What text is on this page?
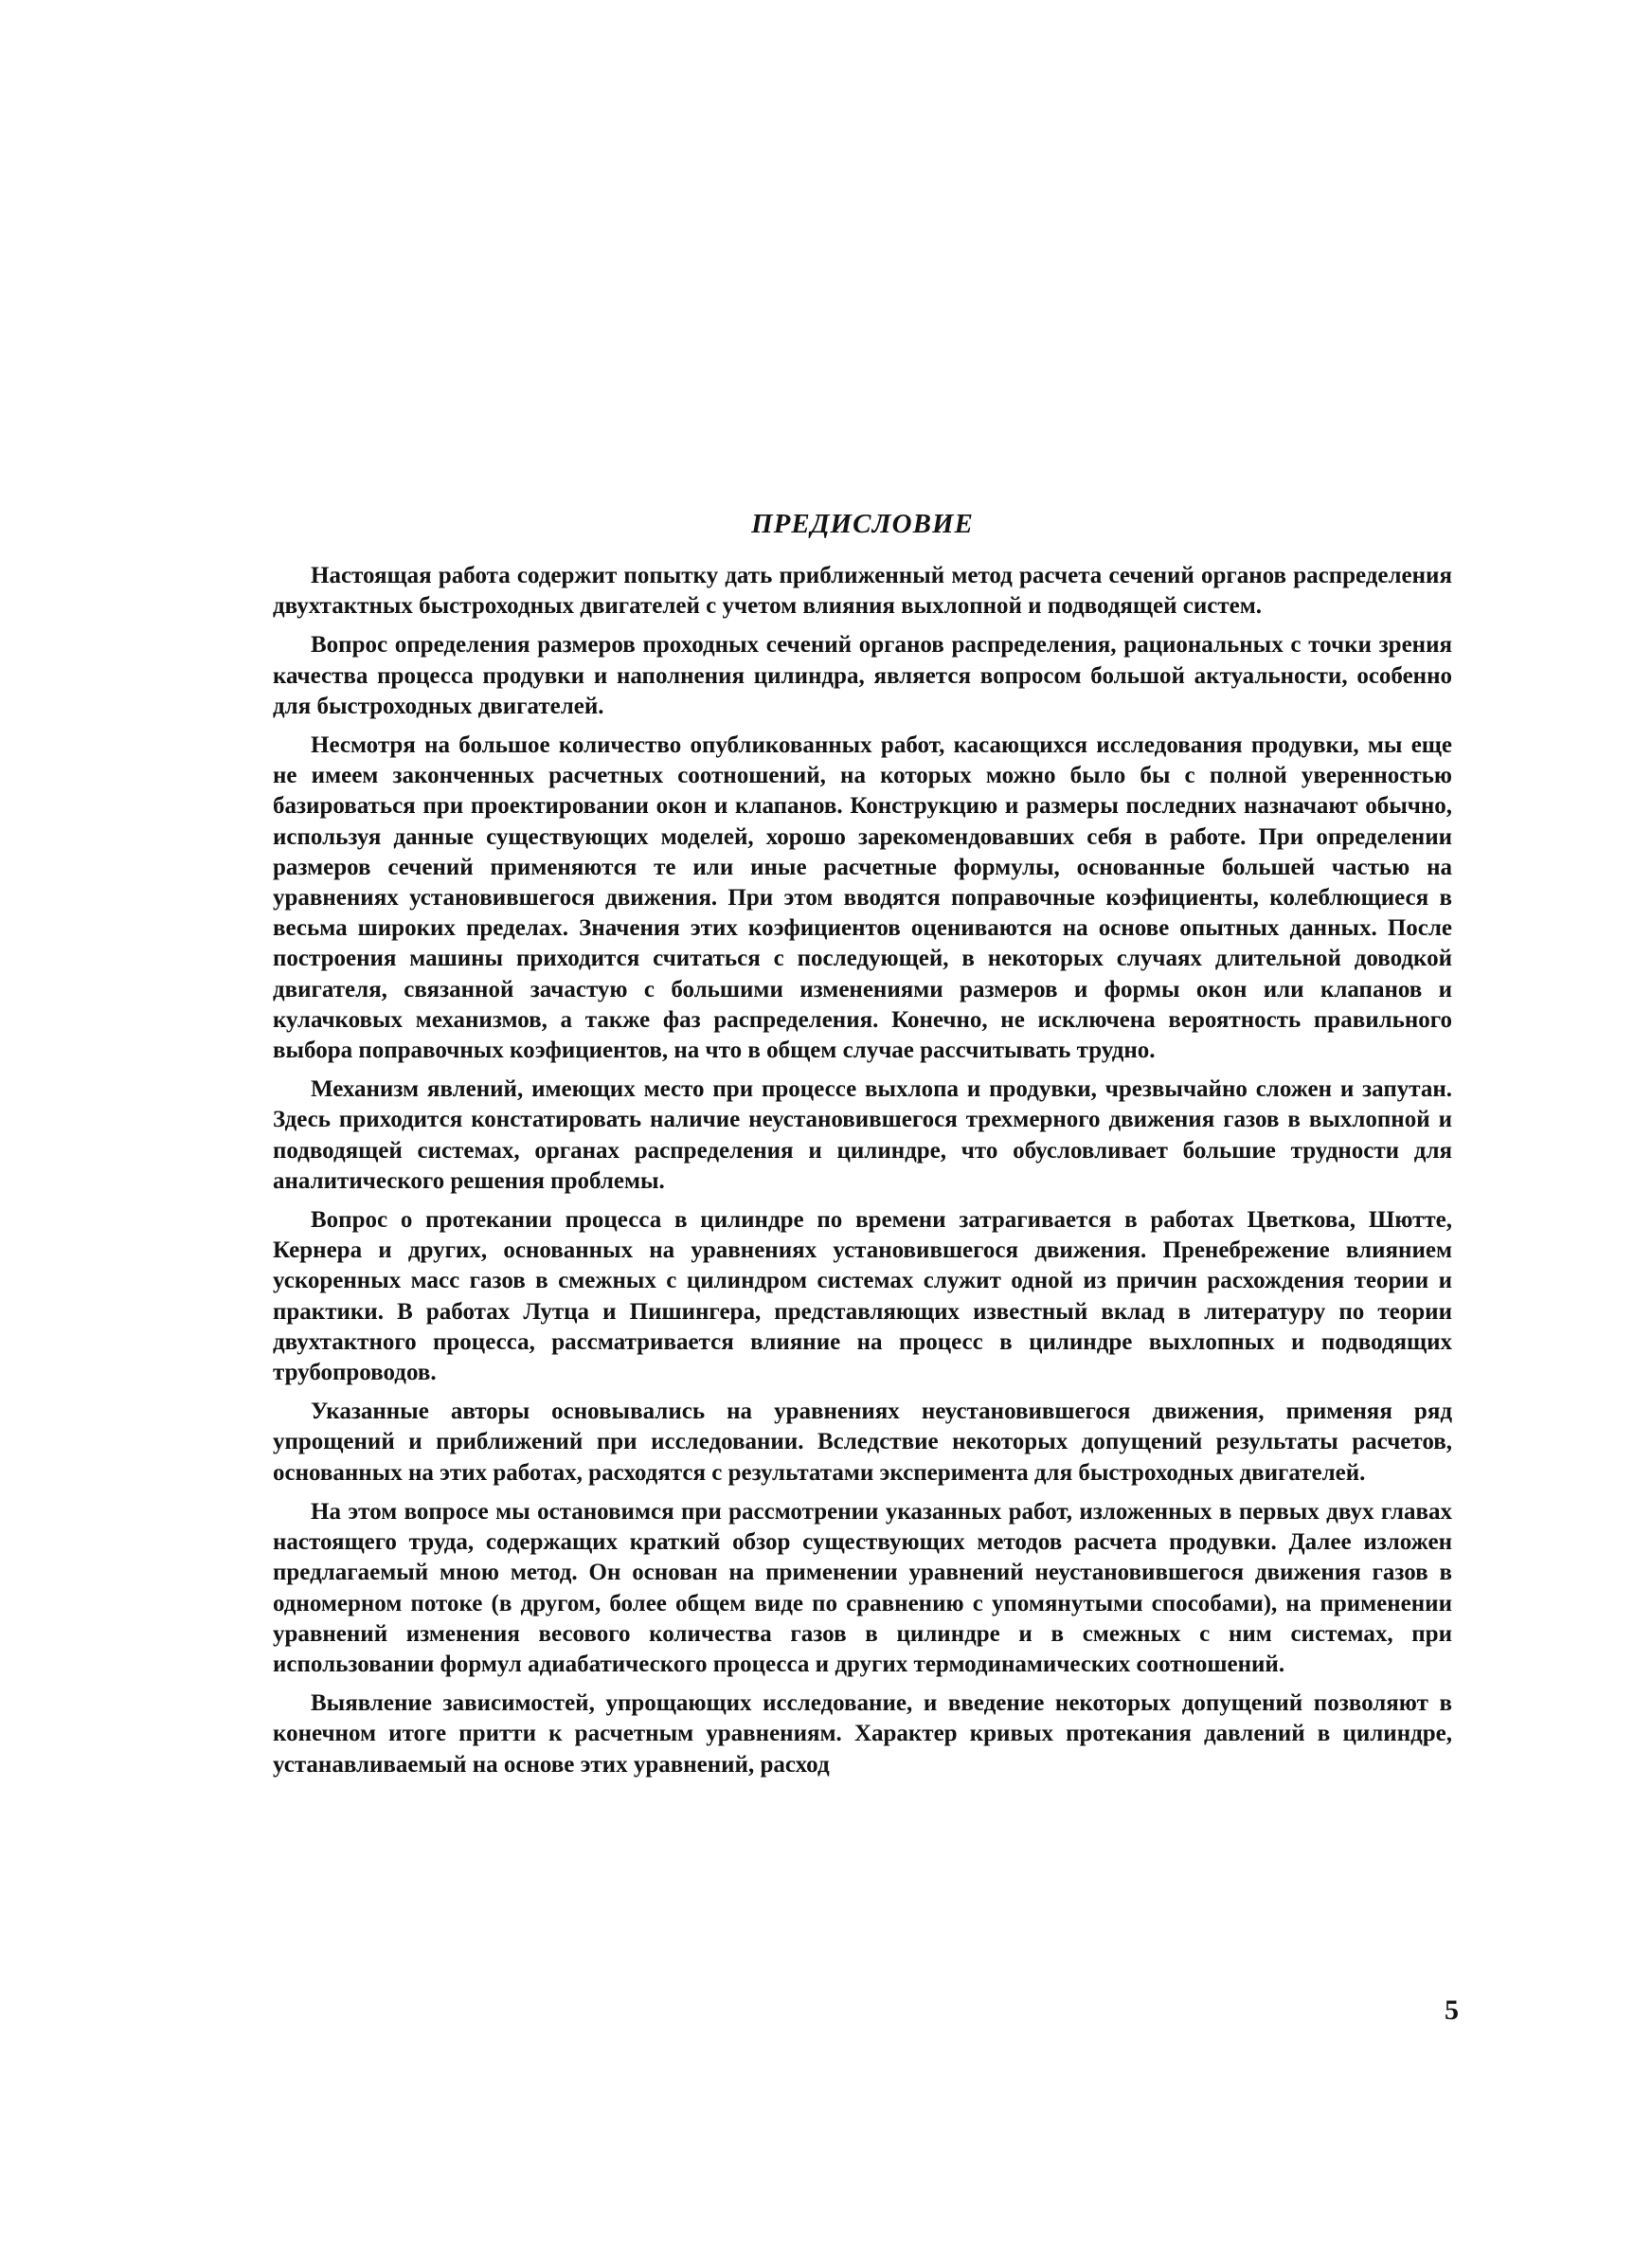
ПРЕДИСЛОВИЕ

Настоящая работа содержит попытку дать приближенный метод расчета сечений органов распределения двухтактных быстроходных двигателей с учетом влияния выхлопной и подводящей систем.

Вопрос определения размеров проходных сечений органов распределения, рациональных с точки зрения качества процесса продувки и наполнения цилиндра, является вопросом большой актуальности, особенно для быстроходных двигателей.

Несмотря на большое количество опубликованных работ, касающихся исследования продувки, мы еще не имеем законченных расчетных соотношений, на которых можно было бы с полной уверенностью базироваться при проектировании окон и клапанов. Конструкцию и размеры последних назначают обычно, используя данные существующих моделей, хорошо зарекомендовавших себя в работе. При определении размеров сечений применяются те или иные расчетные формулы, основанные большей частью на уравнениях установившегося движения. При этом вводятся поправочные коэфициенты, колеблющиеся в весьма широких пределах. Значения этих коэфициентов оцениваются на основе опытных данных. После построения машины приходится считаться с последующей, в некоторых случаях длительной доводкой двигателя, связанной зачастую с большими изменениями размеров и формы окон или клапанов и кулачковых механизмов, а также фаз распределения. Конечно, не исключена вероятность правильного выбора поправочных коэфициентов, на что в общем случае рассчитывать трудно.

Механизм явлений, имеющих место при процессе выхлопа и продувки, чрезвычайно сложен и запутан. Здесь приходится констатировать наличие неустановившегося трехмерного движения газов в выхлопной и подводящей системах, органах распределения и цилиндре, что обусловливает большие трудности для аналитического решения проблемы.

Вопрос о протекании процесса в цилиндре по времени затрагивается в работах Цветкова, Шютте, Кернера и других, основанных на уравнениях установившегося движения. Пренебрежение влиянием ускоренных масс газов в смежных с цилиндром системах служит одной из причин расхождения теории и практики. В работах Лутца и Пишингера, представляющих известный вклад в литературу по теории двухтактного процесса, рассматривается влияние на процесс в цилиндре выхлопных и подводящих трубопроводов.

Указанные авторы основывались на уравнениях неустановившегося движения, применяя ряд упрощений и приближений при исследовании. Вследствие некоторых допущений результаты расчетов, основанных на этих работах, расходятся с результатами эксперимента для быстроходных двигателей.

На этом вопросе мы остановимся при рассмотрении указанных работ, изложенных в первых двух главах настоящего труда, содержащих краткий обзор существующих методов расчета продувки. Далее изложен предлагаемый мною метод. Он основан на применении уравнений неустановившегося движения газов в одномерном потоке (в другом, более общем виде по сравнению с упомянутыми способами), на применении уравнений изменения весового количества газов в цилиндре и в смежных с ним системах, при использовании формул адиабатического процесса и других термодинамических соотношений.

Выявление зависимостей, упрощающих исследование, и введение некоторых допущений позволяют в конечном итоге притти к расчетным уравнениям. Характер кривых протекания давлений в цилиндре, устанавливаемый на основе этих уравнений, расход

5
